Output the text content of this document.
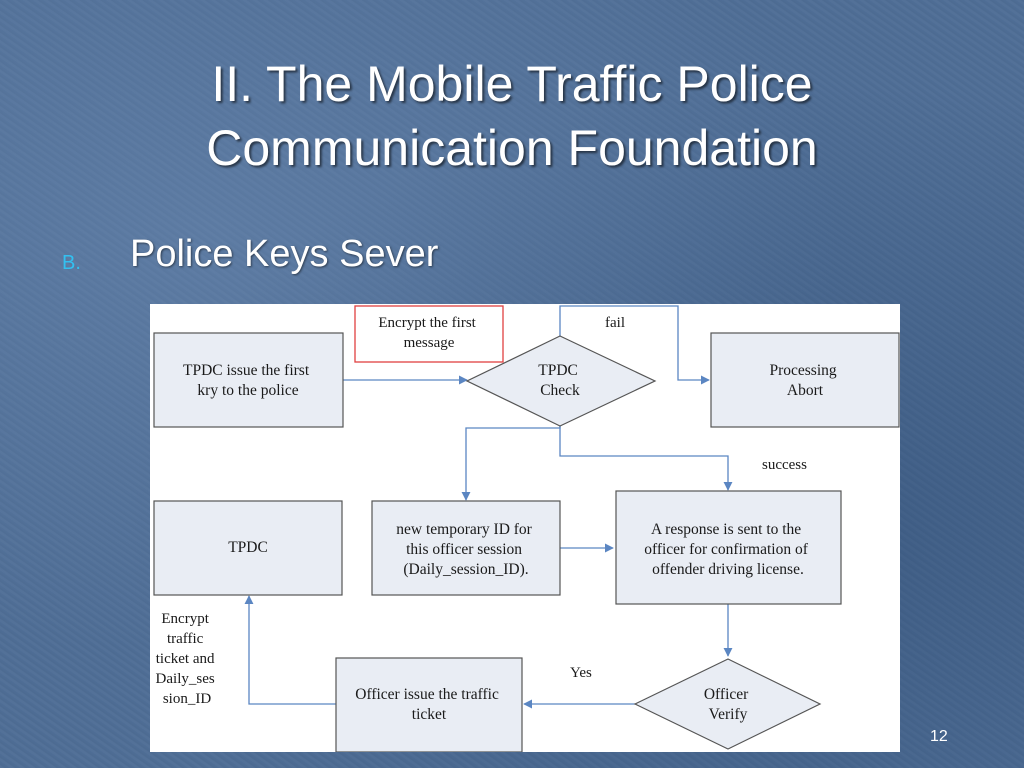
II. The Mobile Traffic Police
Communication Foundation
B. Police Keys Sever
Encrypt the first message
TPDC issue the first kry to the police
TPDC Check
Processing Abort
fail
success
TPDC
new temporary ID for this officer session (Daily_session_ID).
A response is sent to the officer for confirmation of offender driving license.
Encrypt traffic ticket and Daily_ses sion_ID	Officer issue the traffic ticket
Yes
Officer Verify
12
